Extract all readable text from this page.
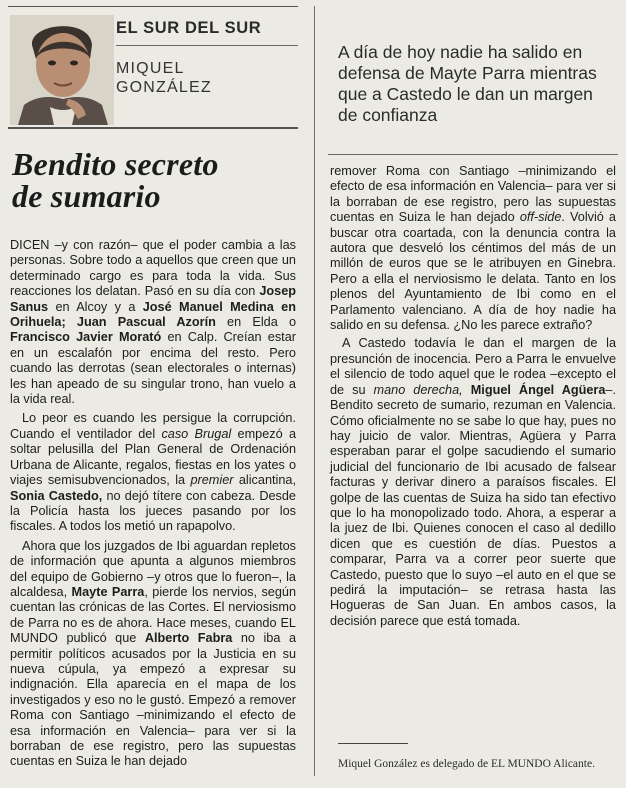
EL SUR DEL SUR
MIQUEL
GONZÁLEZ
Bendito secreto
de sumario

DICEN –y con razón– que el poder cambia a las personas. Sobre todo a aquellos que creen que un determinado cargo es para toda la vida. Sus reacciones los delatan. Pasó en su día con Josep Sanus en Alcoy y a José Manuel Medina en Orihuela; Juan Pascual Azorín en Elda o Francisco Javier Morató en Calp. Creían estar en un escalafón por encima del resto. Pero cuando las derrotas (sean electorales o internas) les han apeado de su singular trono, han vuelo a la vida real.

Lo peor es cuando les persigue la corrupción. Cuando el ventilador del caso Brugal empezó a soltar pelusilla del Plan General de Ordenación Urbana de Alicante, regalos, fiestas en los yates o viajes semisubvencionados, la premier alicantina, Sonia Castedo, no dejó títere con cabeza. Desde la Policía hasta los jueces pasando por los fiscales. A todos los metió un rapapolvo.

Ahora que los juzgados de Ibi aguardan repletos de información que apunta a algunos miembros del equipo de Gobierno –y otros que lo fueron–, la alcaldesa, Mayte Parra, pierde los nervios, según cuentan las crónicas de las Cortes. El nerviosismo de Parra no es de ahora. Hace meses, cuando EL MUNDO publicó que Alberto Fabra no iba a permitir políticos acusados por la Justicia en su nueva cúpula, ya empezó a expresar su indignación. Ella aparecía en el mapa de los investigados y eso no le gustó. Empezó a remover Roma con Santiago –minimizando el efecto de esa información en Valencia– para ver si la borraban de ese registro, pero las supuestas cuentas en Suiza le han dejado

A día de hoy nadie ha salido en defensa de Mayte Parra mientras que a Castedo le dan un margen de confianza

remover Roma con Santiago –minimizando el efecto de esa información en Valencia– para ver si la borraban de ese registro, pero las supuestas cuentas en Suiza le han dejado off-side. Volvió a buscar otra coartada, con la denuncia contra la autora que desveló los céntimos del más de un millón de euros que se le atribuyen en Ginebra. Pero a ella el nerviosismo le delata. Tanto en los plenos del Ayuntamiento de Ibi como en el Parlamento valenciano. A día de hoy nadie ha salido en su defensa. ¿No les parece extraño?

A Castedo todavía le dan el margen de la presunción de inocencia. Pero a Parra le envuelve el silencio de todo aquel que le rodea –excepto el de su mano derecha, Miguel Ángel Agüera–. Bendito secreto de sumario, rezuman en Valencia. Cómo oficialmente no se sabe lo que hay, pues no hay juicio de valor. Mientras, Agüera y Parra esperaban parar el golpe sacudiendo el sumario judicial del funcionario de Ibi acusado de falsear facturas y derivar dinero a paraísos fiscales. El golpe de las cuentas de Suiza ha sido tan efectivo que lo ha monopolizado todo. Ahora, a esperar a la juez de Ibi. Quienes conocen el caso al dedillo dicen que es cuestión de días. Puestos a comparar, Parra va a correr peor suerte que Castedo, puesto que lo suyo –el auto en el que se pedirá la imputación– se retrasa hasta las Hogueras de San Juan. En ambos casos, la decisión parece que está tomada.

Miquel González es delegado de EL MUNDO Alicante.
